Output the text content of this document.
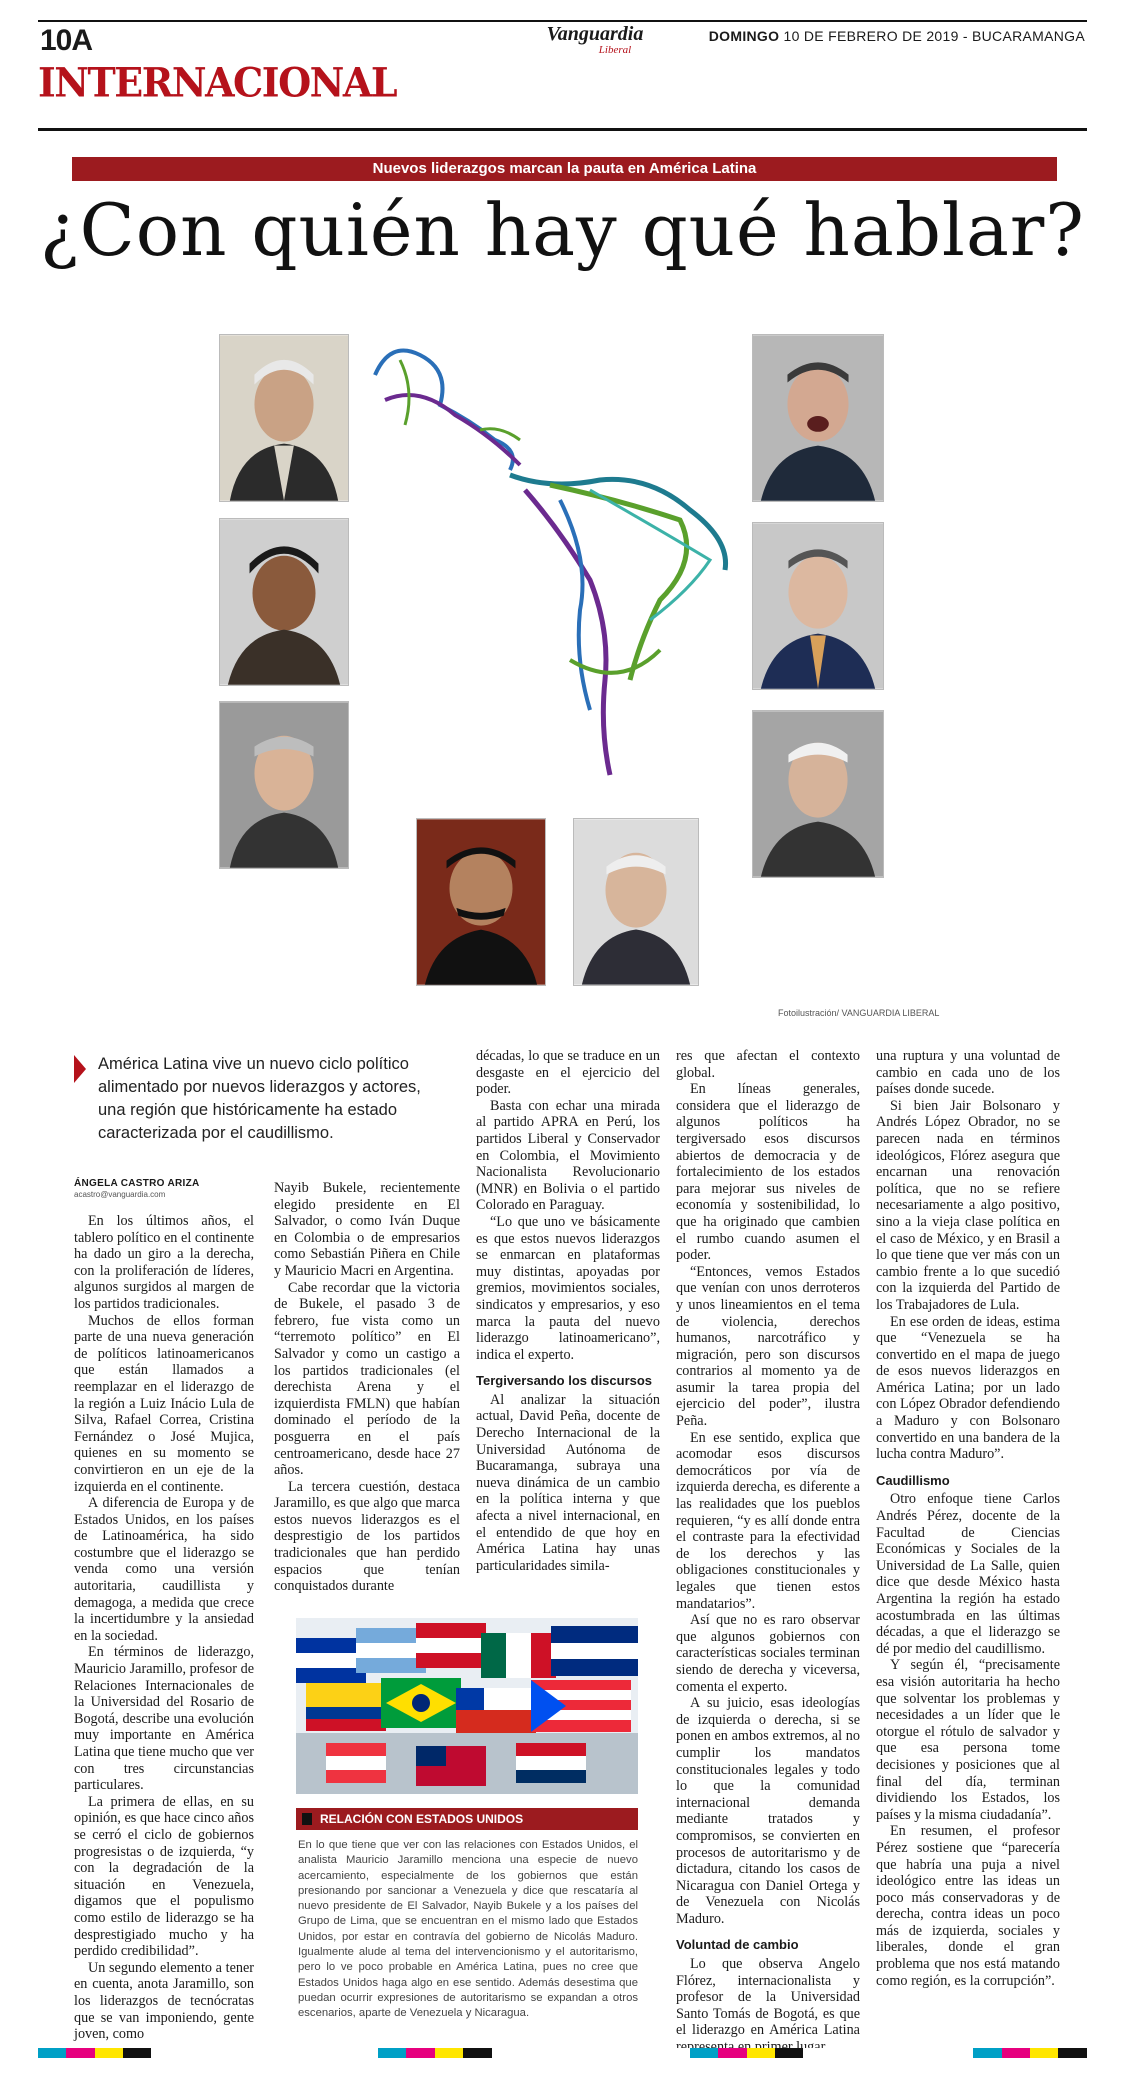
10A	Vanguardia
Liberal
DOMINGO 10 DE FEBRERO DE 2019 - BUCARAMANGA
INTERNACIONAL
Nuevos liderazgos marcan la pauta en América Latina
¿Con quién hay qué hablar?
Fotoilustración/ VANGUARDIA LIBERAL
América Latina vive un nuevo ciclo político alimentado por nuevos liderazgos y actores, una región que históricamente ha estado caracterizada por el caudillismo.
ÁNGELA CASTRO ARIZA
acastro@vanguardia.com

En los últimos años, el tablero político en el continente ha dado un giro a la derecha, con la proliferación de líderes, algunos surgidos al margen de los partidos tradicionales.

Muchos de ellos forman parte de una nueva generación de políticos latinoamericanos que están llamados a reemplazar en el liderazgo de la región a Luiz Inácio Lula de Silva, Rafael Correa, Cristina Fernández o José Mujica, quienes en su momento se convirtieron en un eje de la izquierda en el continente.

A diferencia de Europa y de Estados Unidos, en los países de Latinoamérica, ha sido costumbre que el liderazgo se venda como una versión autoritaria, caudillista y demagoga, a medida que crece la incertidumbre y la ansiedad en la sociedad.

En términos de liderazgo, Mauricio Jaramillo, profesor de Relaciones Internacionales de la Universidad del Rosario de Bogotá, describe una evolución muy importante en América Latina que tiene mucho que ver con tres circunstancias particulares.

La primera de ellas, en su opinión, es que hace cinco años se cerró el ciclo de gobiernos progresistas o de izquierda, “y con la degradación de la situación en Venezuela, digamos que el populismo como estilo de liderazgo se ha desprestigiado mucho y ha perdido credibilidad”.

Un segundo elemento a tener en cuenta, anota Jaramillo, son los liderazgos de tecnócratas que se van imponiendo, gente joven, como

Nayib Bukele, recientemente elegido presidente en El Salvador, o como Iván Duque en Colombia o de empresarios como Sebastián Piñera en Chile y Mauricio Macri en Argentina.

Cabe recordar que la victoria de Bukele, el pasado 3 de febrero, fue vista como un “terremoto político” en El Salvador y como un castigo a los partidos tradicionales (el derechista Arena y el izquierdista FMLN) que habían dominado el período de la posguerra en el país centroamericano, desde hace 27 años.

La tercera cuestión, destaca Jaramillo, es que algo que marca estos nuevos liderazgos es el desprestigio de los partidos tradicionales que han perdido espacios que tenían conquistados durante

décadas, lo que se traduce en un desgaste en el ejercicio del poder.

Basta con echar una mirada al partido APRA en Perú, los partidos Liberal y Conservador en Colombia, el Movimiento Nacionalista Revolucionario (MNR) en Bolivia o el partido Colorado en Paraguay.

“Lo que uno ve básicamente es que estos nuevos liderazgos se enmarcan en plataformas muy distintas, apoyadas por gremios, movimientos sociales, sindicatos y empresarios, y eso marca la pauta del nuevo liderazgo latinoamericano”, indica el experto.

Tergiversando los discursos

Al analizar la situación actual, David Peña, docente de Derecho Internacional de la Universidad Autónoma de Bucaramanga, subraya una nueva dinámica de un cambio en la política interna y que afecta a nivel internacional, en el entendido de que hoy en América Latina hay unas particularidades simila-

res que afectan el contexto global.

En líneas generales, considera que el liderazgo de algunos políticos ha tergiversado esos discursos abiertos de democracia y de fortalecimiento de los estados para mejorar sus niveles de economía y sostenibilidad, lo que ha originado que cambien el rumbo cuando asumen el poder.

“Entonces, vemos Estados que venían con unos derroteros y unos lineamientos en el tema de violencia, derechos humanos, narcotráfico y migración, pero son discursos contrarios al momento ya de asumir la tarea propia del ejercicio del poder”, ilustra Peña.

En ese sentido, explica que acomodar esos discursos democráticos por vía de izquierda derecha, es diferente a las realidades que los pueblos requieren, “y es allí donde entra el contraste para la efectividad de los derechos y las obligaciones constitucionales y legales que tienen estos mandatarios”.

Así que no es raro observar que algunos gobiernos con características sociales terminan siendo de derecha y viceversa, comenta el experto.

A su juicio, esas ideologías de izquierda o derecha, si se ponen en ambos extremos, al no cumplir los mandatos constitucionales legales y todo lo que la comunidad internacional demanda mediante tratados y compromisos, se convierten en procesos de autoritarismo y de dictadura, citando los casos de Nicaragua con Daniel Ortega y de Venezuela con Nicolás Maduro.

Voluntad de cambio

Lo que observa Angelo Flórez, internacionalista y profesor de la Universidad Santo Tomás de Bogotá, es que el liderazgo en América Latina

una ruptura y una voluntad de cambio en cada uno de los países donde sucede.

Si bien Jair Bolsonaro y Andrés López Obrador, no se parecen nada en términos ideológicos, Flórez asegura que encarnan una renovación política, que no se refiere necesariamente a algo positivo, sino a la vieja clase política en el caso de México, y en Brasil a lo que tiene que ver más con un cambio frente a lo que sucedió con la izquierda del Partido de los Trabajadores de Lula.

En ese orden de ideas, estima que “Venezuela se ha convertido en el mapa de juego de esos nuevos liderazgos en América Latina; por un lado con López Obrador defendiendo a Maduro y con Bolsonaro convertido en una bandera de la lucha contra Maduro”.

Caudillismo

Otro enfoque tiene Carlos Andrés Pérez, docente de la Facultad de Ciencias Económicas y Sociales de la Universidad de La Salle, quien dice que desde México hasta Argentina la región ha estado acostumbrada en las últimas décadas, a que el liderazgo se dé por medio del caudillismo.

Y según él, “precisamente esa visión autoritaria ha hecho que solventar los problemas y necesidades a un líder que le otorgue el rótulo de salvador y que esa persona tome decisiones y posiciones que al final del día, terminan dividiendo los Estados, los países y la misma ciudadanía”.

En resumen, el profesor Pérez sostiene que “parecería que habría una puja a nivel ideológico entre las ideas un poco más conservadoras y de derecha, contra ideas un poco más de izquierda, sociales y liberales, donde el gran problema que nos está matando como región, es la corrupción”.

RELACIÓN CON ESTADOS UNIDOS
En lo que tiene que ver con las relaciones con Estados Unidos, el analista Mauricio Jaramillo menciona una especie de nuevo acercamiento, especialmente de los gobiernos que están presionando por sancionar a Venezuela y dice que rescataría al nuevo presidente de El Salvador, Nayib Bukele y a los países del Grupo de Lima, que se encuentran en el mismo lado que Estados Unidos, por estar en contravía del gobierno de Nicolás Maduro. Igualmente alude al tema del intervencionismo y el autoritarismo, pero lo ve poco probable en América Latina, pues no cree que Estados Unidos haga algo en ese sentido. Además desestima que puedan ocurrir expresiones de autoritarismo se expandan a otros escenarios, aparte de Venezuela y Nicaragua.
